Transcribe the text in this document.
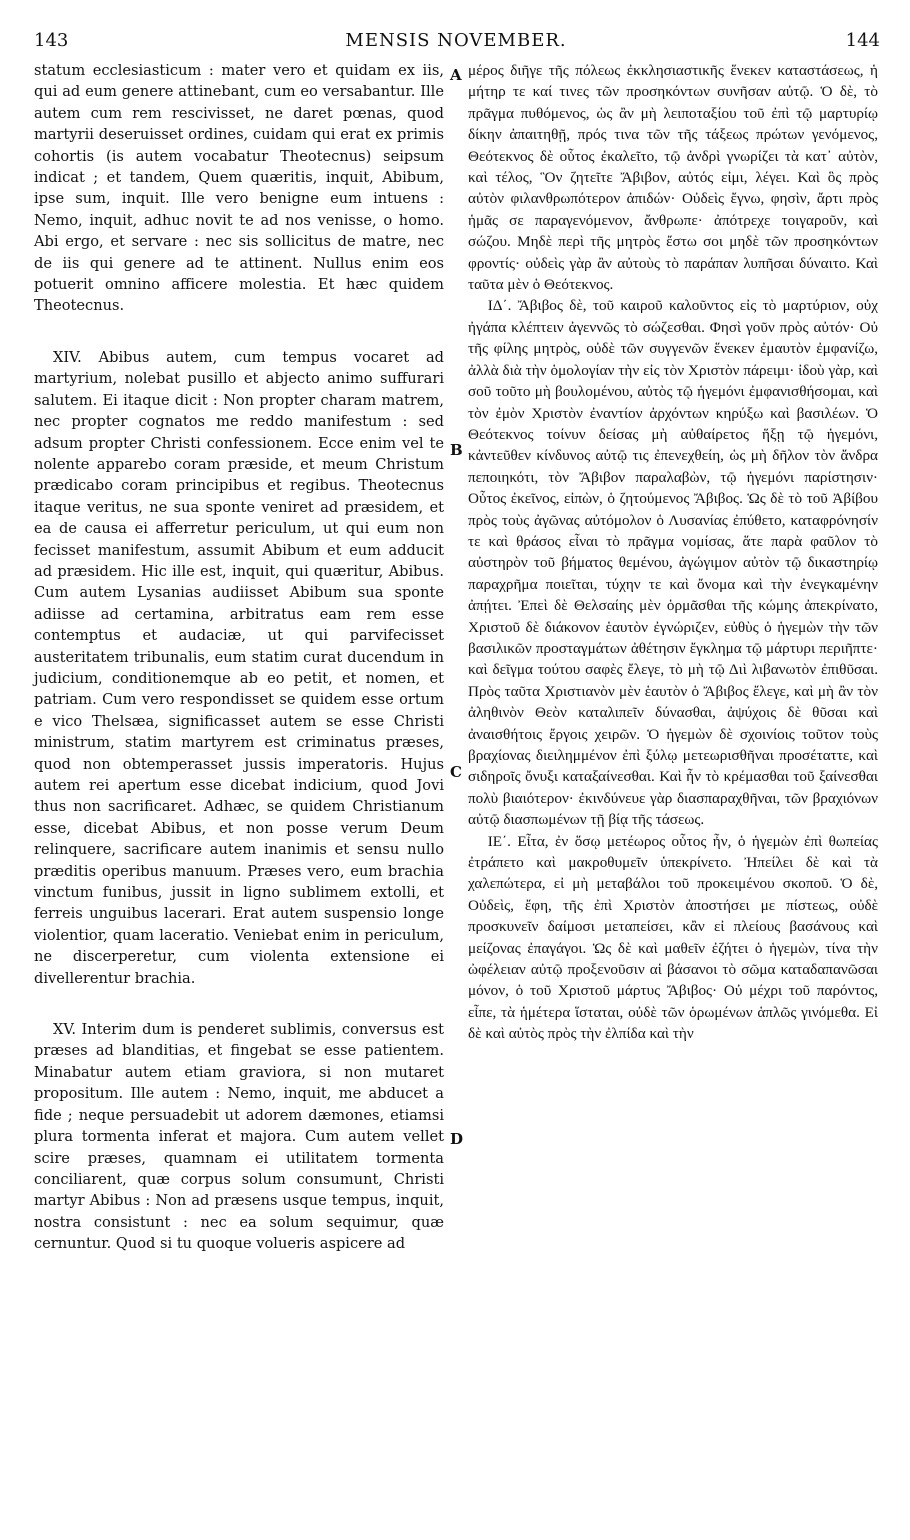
143	MENSIS NOVEMBER.	144

statum ecclesiasticum : mater vero et quidam ex iis, qui ad eum genere attinebant, cum eo versabantur. Ille autem cum rem rescivisset, ne daret pœnas, quod martyrii deseruisset ordines, cuidam qui erat ex primis cohortis (is autem vocabatur Theotecnus) seipsum indicat ; et tandem, Quem quæritis, inquit, Abibum, ipse sum, inquit. Ille vero benigne eum intuens : Nemo, inquit, adhuc novit te ad nos venisse, o homo. Abi ergo, et servare : nec sis sollicitus de matre, nec de iis qui genere ad te attinent. Nullus enim eos potuerit omnino afficere molestia. Et hæc quidem Theotecnus.

XIV. Abibus autem, cum tempus vocaret ad martyrium, nolebat pusillo et abjecto animo suffurari salutem. Ei itaque dicit : Non propter charam matrem, nec propter cognatos me reddo manifestum : sed adsum propter Christi confessionem. Ecce enim vel te nolente apparebo coram præside, et meum Christum prædicabo coram principibus et regibus. Theotecnus itaque veritus, ne sua sponte veniret ad præsidem, et ea de causa ei afferretur periculum, ut qui eum non fecisset manifestum, assumit Abibum et eum adducit ad præsidem. Hic ille est, inquit, qui quæritur, Abibus. Cum autem Lysanias audiisset Abibum sua sponte adiisse ad certamina, arbitratus eam rem esse contemptus et audaciæ, ut qui parvifecisset austeritatem tribunalis, eum statim curat ducendum in judicium, conditionemque ab eo petit, et nomen, et patriam. Cum vero respondisset se quidem esse ortum e vico Thelsæa, significasset autem se esse Christi ministrum, statim martyrem est criminatus præses, quod non obtemperasset jussis imperatoris. Hujus autem rei apertum esse dicebat indicium, quod Jovi thus non sacrificaret. Adhæc, se quidem Christianum esse, dicebat Abibus, et non posse verum Deum relinquere, sacrificare autem inanimis et sensu nullo præditis operibus manuum. Præses vero, eum brachia vinctum funibus, jussit in ligno sublimem extolli, et ferreis unguibus lacerari. Erat autem suspensio longe violentior, quam laceratio. Veniebat enim in periculum, ne discerperetur, cum violenta extensione ei divellerentur brachia.

XV. Interim dum is penderet sublimis, conversus est præses ad blanditias, et fingebat se esse patientem. Minabatur autem etiam graviora, si non mutaret propositum. Ille autem : Nemo, inquit, me abducet a fide ; neque persuadebit ut adorem dæmones, etiamsi plura tormenta inferat et majora. Cum autem vellet scire præses, quamnam ei utilitatem tormenta conciliarent, quæ corpus solum consumunt, Christi martyr Abibus : Non ad præsens usque tempus, inquit, nostra consistunt : nec ea solum sequimur, quæ cernuntur. Quod si tu quoque volueris aspicere ad

A
B
C
D

μέρος διῆγε τῆς πόλεως ἐκκλησιαστικῆς ἕνεκεν καταστάσεως, ἡ μήτηρ τε καί τινες τῶν προσηκόντων συνῆσαν αὐτῷ. Ὁ δὲ, τὸ πρᾶγμα πυθόμενος, ὡς ἂν μὴ λειποταξίου τοῦ ἐπὶ τῷ μαρτυρίῳ δίκην ἀπαιτηθῇ, πρός τινα τῶν τῆς τάξεως πρώτων γενόμενος, Θεότεκνος δὲ οὗτος ἐκαλεῖτο, τῷ ἀνδρὶ γνωρίζει τὰ κατ᾽ αὐτὸν, καὶ τέλος, Ὃν ζητεῖτε Ἄβιβον, αὐτός εἰμι, λέγει. Καὶ ὃς πρὸς αὐτὸν φιλανθρωπότερον ἀπιδών· Οὐδεὶς ἔγνω, φησὶν, ἄρτι πρὸς ἡμᾶς σε παραγενόμενον, ἄνθρωπε· ἀπότρεχε τοιγαροῦν, καὶ σώζου. Μηδὲ περὶ τῆς μητρὸς ἔστω σοι μηδὲ τῶν προσηκόντων φροντίς· οὐδεὶς γὰρ ἂν αὐτοὺς τὸ παράπαν λυπῆσαι δύναιτο. Καὶ ταῦτα μὲν ὁ Θεότεκνος.

ΙΔ΄. Ἄβιβος δὲ, τοῦ καιροῦ καλοῦντος εἰς τὸ μαρτύριον, οὐχ ἠγάπα κλέπτειν ἀγεννῶς τὸ σώζεσθαι. Φησὶ γοῦν πρὸς αὐτόν· Οὐ τῆς φίλης μητρὸς, οὐδὲ τῶν συγγενῶν ἕνεκεν ἐμαυτὸν ἐμφανίζω, ἀλλὰ διὰ τὴν ὁμολογίαν τὴν εἰς τὸν Χριστὸν πάρειμι· ἰδοὺ γὰρ, καὶ σοῦ τοῦτο μὴ βουλομένου, αὐτὸς τῷ ἡγεμόνι ἐμφανισθήσομαι, καὶ τὸν ἐμὸν Χριστὸν ἐναντίον ἀρχόντων κηρύξω καὶ βασιλέων. Ὁ Θεότεκνος τοίνυν δείσας μὴ αὐθαίρετος ἥξῃ τῷ ἡγεμόνι, κἀντεῦθεν κίνδυνος αὐτῷ τις ἐπενεχθείη, ὡς μὴ δῆλον τὸν ἄνδρα πεποιηκότι, τὸν Ἄβιβον παραλαβὼν, τῷ ἡγεμόνι παρίστησιν· Οὗτος ἐκεῖνος, εἰπὼν, ὁ ζητούμενος Ἄβιβος. Ὡς δὲ τὸ τοῦ Ἀβίβου πρὸς τοὺς ἀγῶνας αὐτόμολον ὁ Λυσανίας ἐπύθετο, καταφρόνησίν τε καὶ θράσος εἶναι τὸ πρᾶγμα νομίσας, ἅτε παρὰ φαῦλον τὸ αὐστηρὸν τοῦ βήματος θεμένου, ἀγώγιμον αὐτὸν τῷ δικαστηρίῳ παραχρῆμα ποιεῖται, τύχην τε καὶ ὄνομα καὶ τὴν ἐνεγκαμένην ἀπῄτει. Ἐπεὶ δὲ Θελσαίης μὲν ὁρμᾶσθαι τῆς κώμης ἀπεκρίνατο, Χριστοῦ δὲ διάκονον ἑαυτὸν ἐγνώριζεν, εὐθὺς ὁ ἡγεμὼν τὴν τῶν βασιλικῶν προσταγμάτων ἀθέτησιν ἔγκλημα τῷ μάρτυρι περιῆπτε· καὶ δεῖγμα τούτου σαφὲς ἔλεγε, τὸ μὴ τῷ Διὶ λιβανωτὸν ἐπιθῦσαι. Πρὸς ταῦτα Χριστιανὸν μὲν ἑαυτὸν ὁ Ἄβιβος ἔλεγε, καὶ μὴ ἂν τὸν ἀληθινὸν Θεὸν καταλιπεῖν δύνασθαι, ἀψύχοις δὲ θῦσαι καὶ ἀναισθήτοις ἔργοις χειρῶν. Ὁ ἡγεμὼν δὲ σχοινίοις τοῦτον τοὺς βραχίονας διειλημμένον ἐπὶ ξύλῳ μετεωρισθῆναι προσέταττε, καὶ σιδηροῖς ὄνυξι καταξαίνεσθαι. Καὶ ἦν τὸ κρέμασθαι τοῦ ξαίνεσθαι πολὺ βιαιότερον· ἐκινδύνευε γὰρ διασπαραχθῆναι, τῶν βραχιόνων αὐτῷ διασπωμένων τῇ βίᾳ τῆς τάσεως.

ΙΕ΄. Εἶτα, ἐν ὅσῳ μετέωρος οὗτος ἦν, ὁ ἡγεμὼν ἐπὶ θωπείας ἐτράπετο καὶ μακροθυμεῖν ὑπεκρίνετο. Ἠπείλει δὲ καὶ τὰ χαλεπώτερα, εἰ μὴ μεταβάλοι τοῦ προκειμένου σκοποῦ. Ὁ δὲ, Οὐδεὶς, ἔφη, τῆς ἐπὶ Χριστὸν ἀποστήσει με πίστεως, οὐδὲ προσκυνεῖν δαίμοσι μεταπείσει, κἂν εἰ πλείους βασάνους καὶ μείζονας ἐπαγάγοι. Ὡς δὲ καὶ μαθεῖν ἐζήτει ὁ ἡγεμὼν, τίνα τὴν ὠφέλειαν αὐτῷ προξενοῦσιν αἱ βάσανοι τὸ σῶμα καταδαπανῶσαι μόνον, ὁ τοῦ Χριστοῦ μάρτυς Ἄβιβος· Οὐ μέχρι τοῦ παρόντος, εἶπε, τὰ ἡμέτερα ἵσταται, οὐδὲ τῶν ὁρωμένων ἁπλῶς γινόμεθα. Εἰ δὲ καὶ αὐτὸς πρὸς τὴν ἐλπίδα καὶ τὴν
